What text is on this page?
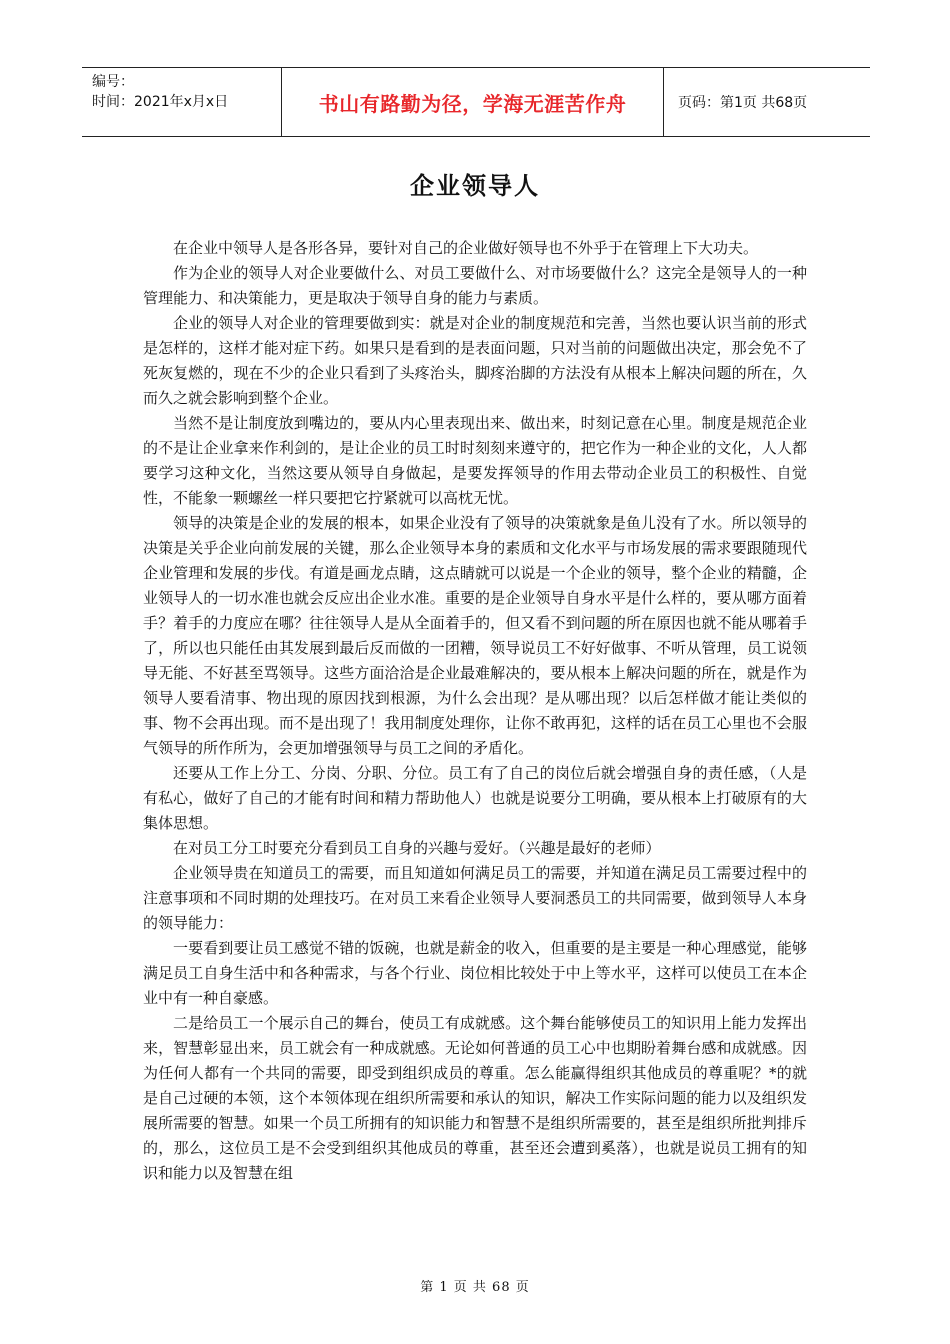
编号：
时间：2021年x月x日	书山有路勤为径，学海无涯苦作舟	页码：第1页 共68页
企业领导人

在企业中领导人是各形各异，要针对自己的企业做好领导也不外乎于在管理上下大功夫。

作为企业的领导人对企业要做什么、对员工要做什么、对市场要做什么？这完全是领导人的一种管理能力、和决策能力，更是取决于领导自身的能力与素质。

企业的领导人对企业的管理要做到实：就是对企业的制度规范和完善，当然也要认识当前的形式是怎样的，这样才能对症下药。如果只是看到的是表面问题，只对当前的问题做出决定，那会免不了死灰复燃的，现在不少的企业只看到了头疼治头，脚疼治脚的方法没有从根本上解决问题的所在，久而久之就会影响到整个企业。

当然不是让制度放到嘴边的，要从内心里表现出来、做出来，时刻记意在心里。制度是规范企业的不是让企业拿来作利剑的，是让企业的员工时时刻刻来遵守的，把它作为一种企业的文化，人人都要学习这种文化，当然这要从领导自身做起，是要发挥领导的作用去带动企业员工的积极性、自觉性，不能象一颗螺丝一样只要把它拧紧就可以高枕无忧。

领导的决策是企业的发展的根本，如果企业没有了领导的决策就象是鱼儿没有了水。所以领导的决策是关乎企业向前发展的关键，那么企业领导本身的素质和文化水平与市场发展的需求要跟随现代企业管理和发展的步伐。有道是画龙点睛，这点睛就可以说是一个企业的领导，整个企业的精髓，企业领导人的一切水准也就会反应出企业水准。重要的是企业领导自身水平是什么样的，要从哪方面着手？着手的力度应在哪？往往领导人是从全面着手的，但又看不到问题的所在原因也就不能从哪着手了，所以也只能任由其发展到最后反而做的一团糟，领导说员工不好好做事、不听从管理，员工说领导无能、不好甚至骂领导。这些方面洽洽是企业最难解决的，要从根本上解决问题的所在，就是作为领导人要看清事、物出现的原因找到根源，为什么会出现？是从哪出现？以后怎样做才能让类似的事、物不会再出现。而不是出现了！我用制度处理你，让你不敢再犯，这样的话在员工心里也不会服气领导的所作所为，会更加增强领导与员工之间的矛盾化。

还要从工作上分工、分岗、分职、分位。员工有了自己的岗位后就会增强自身的责任感，（人是有私心，做好了自己的才能有时间和精力帮助他人）也就是说要分工明确，要从根本上打破原有的大集体思想。

在对员工分工时要充分看到员工自身的兴趣与爱好。（兴趣是最好的老师）

企业领导贵在知道员工的需要，而且知道如何满足员工的需要，并知道在满足员工需要过程中的注意事项和不同时期的处理技巧。在对员工来看企业领导人要洞悉员工的共同需要，做到领导人本身的领导能力：

一要看到要让员工感觉不错的饭碗，也就是薪金的收入，但重要的是主要是一种心理感觉，能够满足员工自身生活中和各种需求，与各个行业、岗位相比较处于中上等水平，这样可以使员工在本企业中有一种自豪感。

二是给员工一个展示自己的舞台，使员工有成就感。这个舞台能够使员工的知识用上能力发挥出来，智慧彰显出来，员工就会有一种成就感。无论如何普通的员工心中也期盼着舞台感和成就感。因为任何人都有一个共同的需要，即受到组织成员的尊重。怎么能赢得组织其他成员的尊重呢？*的就是自己过硬的本领，这个本领体现在组织所需要和承认的知识，解决工作实际问题的能力以及组织发展所需要的智慧。如果一个员工所拥有的知识能力和智慧不是组织所需要的，甚至是组织所批判排斥的，那么，这位员工是不会受到组织其他成员的尊重，甚至还会遭到奚落），也就是说员工拥有的知识和能力以及智慧在组

第 1 页 共 68 页
